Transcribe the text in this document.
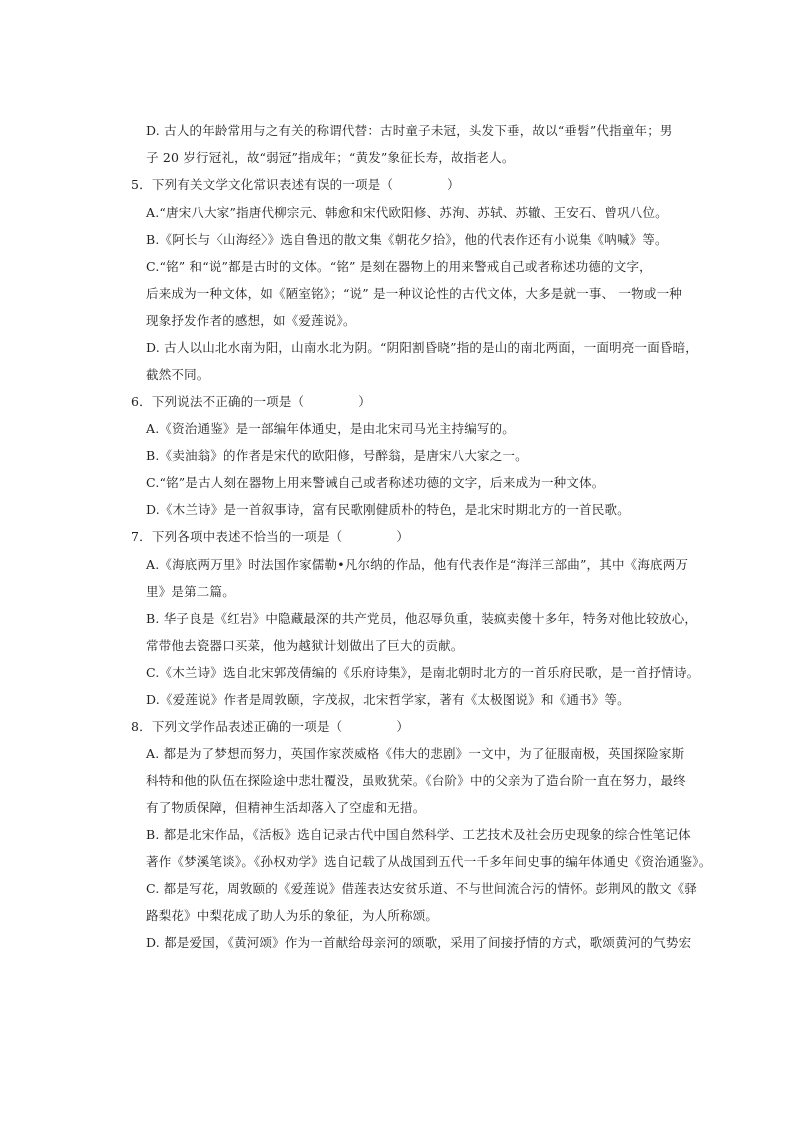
D. 古人的年龄常用与之有关的称谓代替：古时童子未冠，头发下垂，故以“垂髫”代指童年；男
子 20 岁行冠礼，故“弱冠”指成年；“黄发”象征长寿，故指老人。
5．下列有关文学文化常识表述有误的一项是（	）
A.“唐宋八大家”指唐代柳宗元、韩愈和宋代欧阳修、苏洵、苏轼、苏辙、王安石、曾巩八位。
B.《阿长与〈山海经〉》选自鲁迅的散文集《朝花夕拾》，他的代表作还有小说集《呐喊》等。
C.“铭” 和“说”都是古时的文体。“铭” 是刻在器物上的用来警戒自己或者称述功德的文字，
后来成为一种文体，如《陋室铭》；“说” 是一种议论性的古代文体，大多是就一事、 一物或一种
现象抒发作者的感想，如《爱莲说》。
D. 古人以山北水南为阳，山南水北为阴。“阴阳割昏晓”指的是山的南北两面，一面明亮一面昏暗，
截然不同。
6．下列说法不正确的一项是（	）
A.《资治通鉴》是一部编年体通史，是由北宋司马光主持编写的。
B.《卖油翁》的作者是宋代的欧阳修，号醉翁，是唐宋八大家之一。
C.“铭”是古人刻在器物上用来警诫自己或者称述功德的文字，后来成为一种文体。
D.《木兰诗》是一首叙事诗，富有民歌刚健质朴的特色，是北宋时期北方的一首民歌。
7．下列各项中表述不恰当的一项是（	）
A.《海底两万里》时法国作家儒勒•凡尔纳的作品，他有代表作是“海洋三部曲”，其中《海底两万
里》是第二篇。
B. 华子良是《红岩》中隐藏最深的共产党员，他忍辱负重，装疯卖傻十多年，特务对他比较放心，
常带他去瓷器口买菜，他为越狱计划做出了巨大的贡献。
C.《木兰诗》选自北宋郭茂倩编的《乐府诗集》，是南北朝时北方的一首乐府民歌，是一首抒情诗。
D.《爱莲说》作者是周敦颐，字茂叔，北宋哲学家，著有《太极图说》和《通书》等。
8．下列文学作品表述正确的一项是（	）
A. 都是为了梦想而努力，英国作家茨威格《伟大的悲剧》一文中，为了征服南极，英国探险家斯
科特和他的队伍在探险途中悲壮覆没，虽败犹荣。《台阶》中的父亲为了造台阶一直在努力，最终
有了物质保障，但精神生活却落入了空虚和无措。
B. 都是北宋作品，《活板》选自记录古代中国自然科学、工艺技术及社会历史现象的综合性笔记体
著作《梦溪笔谈》。《孙权劝学》选自记载了从战国到五代一千多年间史事的编年体通史《资治通鉴》。
C. 都是写花，周敦颐的《爱莲说》借莲表达安贫乐道、不与世间流合污的情怀。彭荆风的散文《驿
路梨花》中梨花成了助人为乐的象征，为人所称颂。
D. 都是爱国，《黄河颂》作为一首献给母亲河的颂歌，采用了间接抒情的方式，歌颂黄河的气势宏
